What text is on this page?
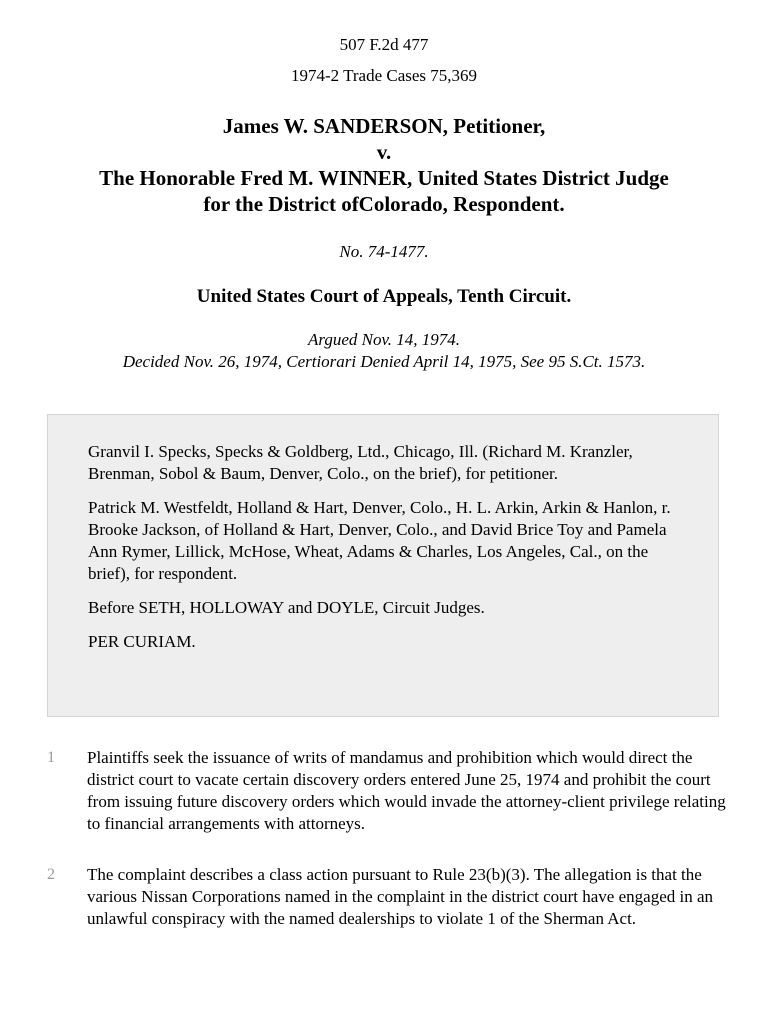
507 F.2d 477
1974-2 Trade Cases 75,369
James W. SANDERSON, Petitioner,
v.
The Honorable Fred M. WINNER, United States District Judge
for the District ofColorado, Respondent.
No. 74-1477.
United States Court of Appeals, Tenth Circuit.
Argued Nov. 14, 1974.
Decided Nov. 26, 1974, Certiorari Denied April 14, 1975, See 95 S.Ct. 1573.

Granvil I. Specks, Specks & Goldberg, Ltd., Chicago, Ill. (Richard M. Kranzler, Brenman, Sobol & Baum, Denver, Colo., on the brief), for petitioner.

Patrick M. Westfeldt, Holland & Hart, Denver, Colo., H. L. Arkin, Arkin & Hanlon, r. Brooke Jackson, of Holland & Hart, Denver, Colo., and David Brice Toy and Pamela Ann Rymer, Lillick, McHose, Wheat, Adams & Charles, Los Angeles, Cal., on the brief), for respondent.

Before SETH, HOLLOWAY and DOYLE, Circuit Judges.

PER CURIAM.

1 Plaintiffs seek the issuance of writs of mandamus and prohibition which would direct the district court to vacate certain discovery orders entered June 25, 1974 and prohibit the court from issuing future discovery orders which would invade the attorney-client privilege relating to financial arrangements with attorneys.

2 The complaint describes a class action pursuant to Rule 23(b)(3). The allegation is that the various Nissan Corporations named in the complaint in the district court have engaged in an unlawful conspiracy with the named dealerships to violate 1 of the Sherman Act.
